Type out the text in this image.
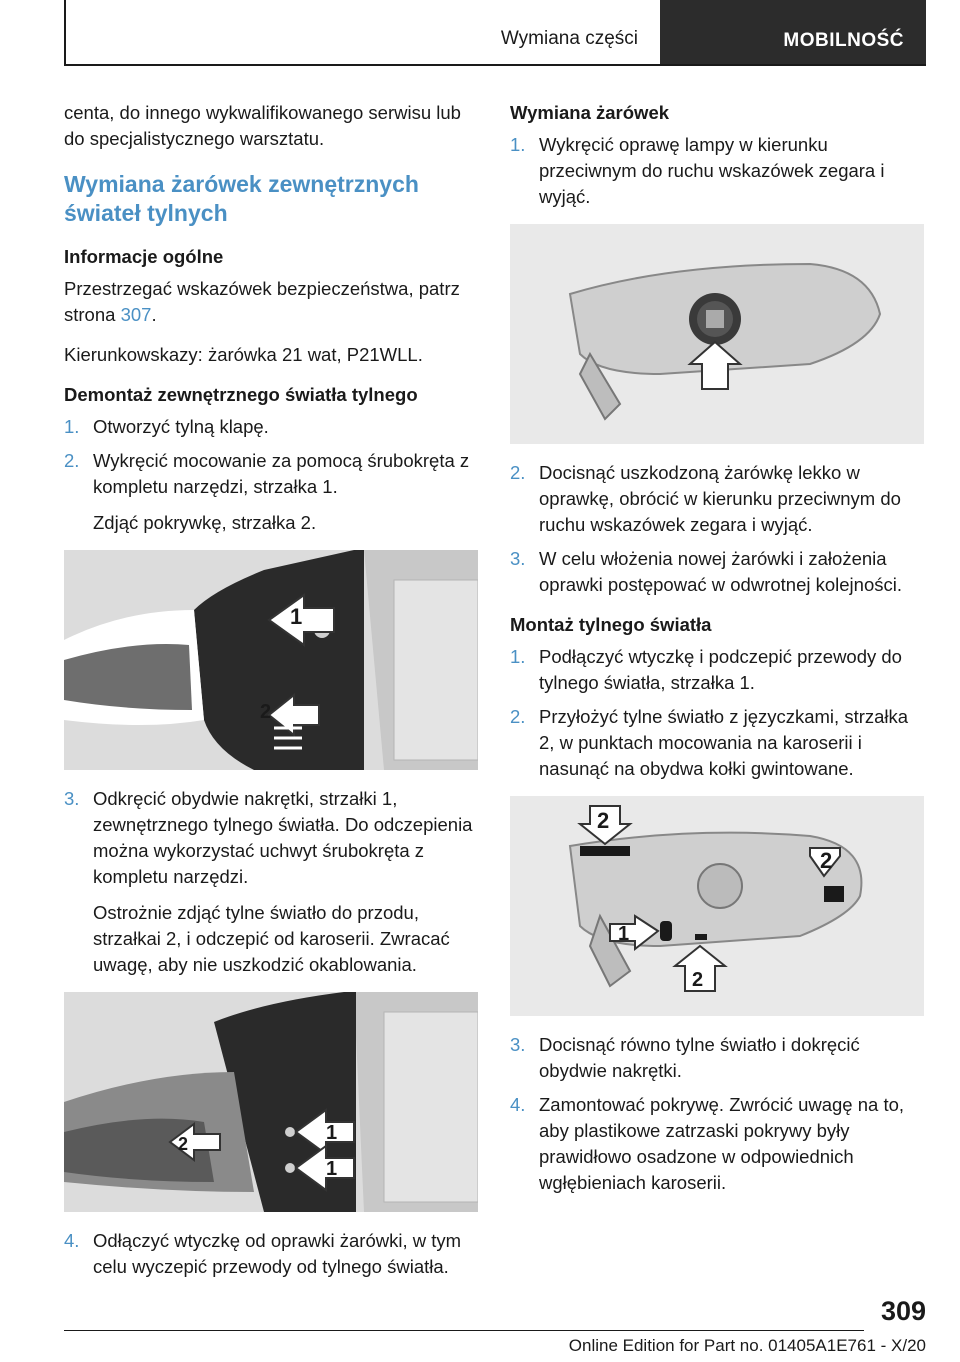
Wymiana części	MOBILNOŚĆ

centa, do innego wykwalifikowanego serwisu lub do specjalistycznego warsztatu.

Wymiana żarówek zewnętrznych świateł tylnych
Informacje ogólne

Przestrzegać wskazówek bezpieczeństwa, patrz strona 307.

Kierunkowskazy: żarówka 21 wat, P21WLL.

Demontaż zewnętrznego światła tylnego
1. Otworzyć tylną klapę.
2. Wykręcić mocowanie za pomocą śrubokręta z kompletu narzędzi, strzałka 1.
Zdjąć pokrywkę, strzałka 2.
1
2
3. Odkręcić obydwie nakrętki, strzałki 1, zewnętrznego tylnego światła. Do odczepienia można wykorzystać uchwyt śrubokręta z kompletu narzędzi.
Ostrożnie zdjąć tylne światło do przodu, strzałkai 2, i odczepić od karoserii. Zwracać uwagę, aby nie uszkodzić okablowania.
1
1
2
4. Odłączyć wtyczkę od oprawki żarówki, w tym celu wyczepić przewody od tylnego światła.
Wymiana żarówek
1. Wykręcić oprawę lampy w kierunku przeciwnym do ruchu wskazówek zegara i wyjąć.
2. Docisnąć uszkodzoną żarówkę lekko w oprawkę, obrócić w kierunku przeciwnym do ruchu wskazówek zegara i wyjąć.
3. W celu włożenia nowej żarówki i założenia oprawki postępować w odwrotnej kolejności.
Montaż tylnego światła
1. Podłączyć wtyczkę i podczepić przewody do tylnego światła, strzałka 1.
2. Przyłożyć tylne światło z języczkami, strzałka 2, w punktach mocowania na karoserii i nasunąć na obydwa kołki gwintowane.
2
2
1
2
3. Docisnąć równo tylne światło i dokręcić obydwie nakrętki.
4. Zamontować pokrywę. Zwrócić uwagę na to, aby plastikowe zatrzaski pokrywy były prawidłowo osadzone w odpowiednich wgłębieniach karoserii.
309
Online Edition for Part no. 01405A1E761 - X/20
